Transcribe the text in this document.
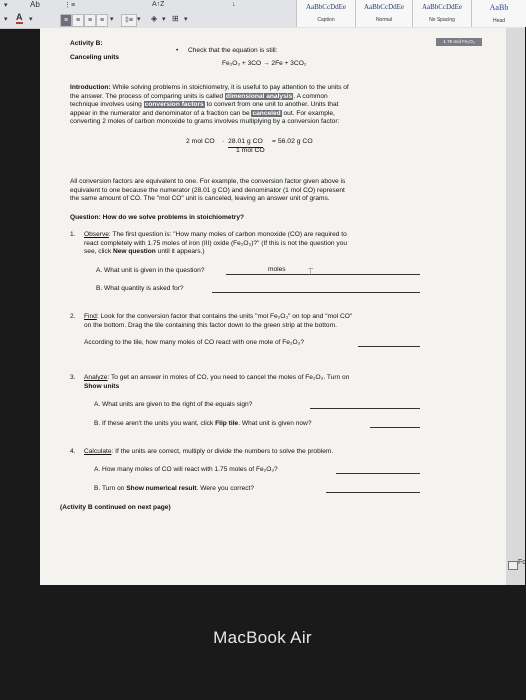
▾	Ab	⋮≡	A↑Z	↓
▾ A ▾	≡	≡	≡	≡ ▾	‡≡ ▾ ◈ ▾ ⊞ ▾
AaBbCcDdEe
Caption
AaBbCcDdEe
Normal
AaBbCcDdEe
No Spacing
AaBb
Head
Activity B:
Canceling units
• Check that the equation is still:
Fe₂O₃ + 3CO → 2Fe + 3CO₂
1.75 mol Fe₂O₃
Introduction: While solving problems in stoichiometry, it is useful to pay attention to the units of
the answer. The process of comparing units is called dimensional analysis. A common
technique involves using conversion factors to convert from one unit to another. Units that
appear in the numerator and denominator of a fraction can be canceled out. For example,
converting 2 moles of carbon monoxide to grams involves multiplying by a conversion factor:
2 mol CO · 28.01 g CO
1 mol CO
= 56.02 g CO
All conversion factors are equivalent to one. For example, the conversion factor given above is
equivalent to one because the numerator (28.01 g CO) and denominator (1 mol CO) represent
the same amount of CO. The "mol CO" unit is canceled, leaving an answer unit of grams.
Question: How do we solve problems in stoichiometry?
1. Observe: The first question is: "How many moles of carbon monoxide (CO) are required to
react completely with 1.75 moles of iron (III) oxide (Fe₂O₃)?" (If this is not the question you
see, click New question until it appears.)
A. What unit is given in the question?	moles ⌶
B. What quantity is asked for?
2. Find: Look for the conversion factor that contains the units "mol Fe₂O₃" on top and "mol CO"
on the bottom. Drag the tile containing this factor down to the green strip at the bottom.
According to the tile, how many moles of CO react with one mole of Fe₂O₃?
3. Analyze: To get an answer in moles of CO, you need to cancel the moles of Fe₂O₃. Turn on
Show units
A. What units are given to the right of the equals sign?
B. If these aren't the units you want, click Flip tile. What unit is given now?
4. Calculate: If the units are correct, multiply or divide the numbers to solve the problem.
A. How many moles of CO will react with 1.75 moles of Fe₂O₃?
B. Turn on Show numerical result. Were you correct?
(Activity B continued on next page)
Fc
MacBook Air
